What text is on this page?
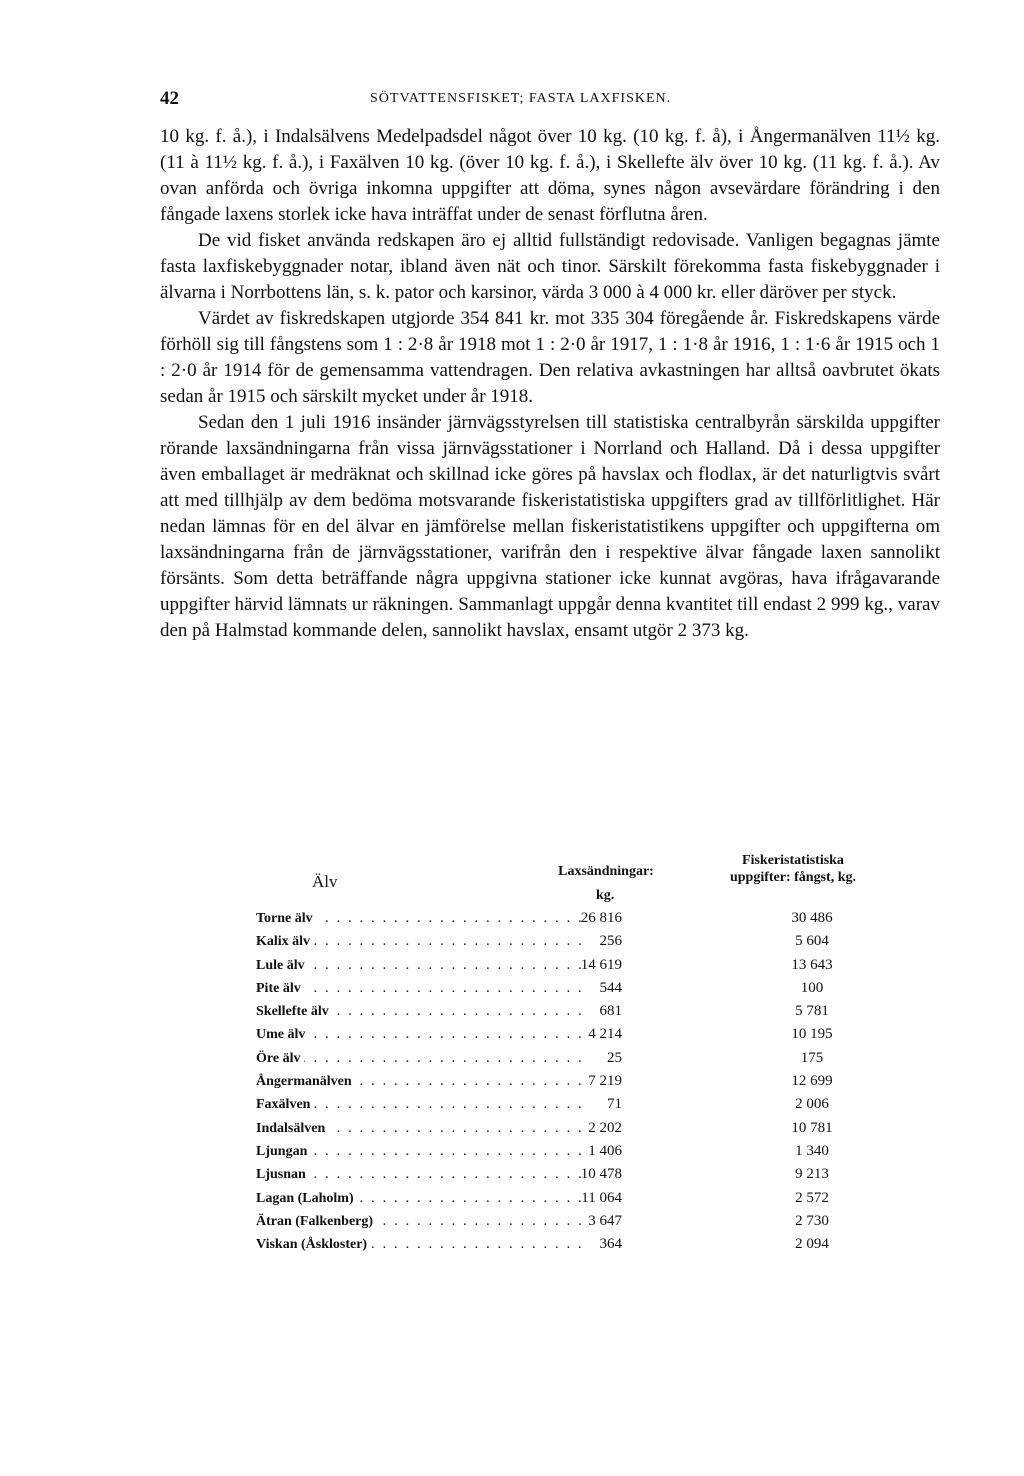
42	SÖTVATTENSFISKET; FASTA LAXFISKEN.

10 kg. f. å.), i Indalsälvens Medelpadsdel något över 10 kg. (10 kg. f. å), i Ångermanälven 11½ kg. (11 à 11½ kg. f. å.), i Faxälven 10 kg. (över 10 kg. f. å.), i Skellefte älv över 10 kg. (11 kg. f. å.). Av ovan anförda och övriga inkomna uppgifter att döma, synes någon avsevärdare förändring i den fångade laxens storlek icke hava inträffat under de senast förflutna åren.

De vid fisket använda redskapen äro ej alltid fullständigt redovisade. Vanligen begagnas jämte fasta laxfiskebyggnader notar, ibland även nät och tinor. Särskilt förekomma fasta fiskebyggnader i älvarna i Norrbottens län, s. k. pator och karsinor, värda 3 000 à 4 000 kr. eller däröver per styck.

Värdet av fiskredskapen utgjorde 354 841 kr. mot 335 304 föregående år. Fiskredskapens värde förhöll sig till fångstens som 1 : 2·8 år 1918 mot 1 : 2·0 år 1917, 1 : 1·8 år 1916, 1 : 1·6 år 1915 och 1 : 2·0 år 1914 för de gemensamma vattendragen. Den relativa avkastningen har alltså oavbrutet ökats sedan år 1915 och särskilt mycket under år 1918.

Sedan den 1 juli 1916 insänder järnvägsstyrelsen till statistiska centralbyrån särskilda uppgifter rörande laxsändningarna från vissa järnvägsstationer i Norrland och Halland. Då i dessa uppgifter även emballaget är medräknat och skillnad icke göres på havslax och flodlax, är det naturligtvis svårt att med tillhjälp av dem bedöma motsvarande fiskeristatistiska uppgifters grad av tillförlitlighet. Här nedan lämnas för en del älvar en jämförelse mellan fiskeristatistikens uppgifter och uppgifterna om laxsändningarna från de järnvägsstationer, varifrån den i respektive älvar fångade laxen sannolikt försänts. Som detta beträffande några uppgivna stationer icke kunnat avgöras, hava ifrågavarande uppgifter härvid lämnats ur räkningen. Sammanlagt uppgår denna kvantitet till endast 2 999 kg., varav den på Halmstad kommande delen, sannolikt havslax, ensamt utgör 2 373 kg.

Älv
Laxsändningar:
kg.
Fiskeristatistiska uppgifter: fångst, kg.
Torne älv . . .	26 816	30 486
Kalix älv . . .	256	5 604
Lule älv . . .	14 619	13 643
Pite älv . . .	544	100
Skellefte älv . . .	681	5 781
Ume älv . . .	4 214	10 195
Öre älv . . .	25	175
Ångermanälven . . .	7 219	12 699
Faxälven . . .	71	2 006
Indalsälven . . .	2 202	10 781
Ljungan . . .	1 406	1 340
Ljusnan . . .	10 478	9 213
Lagan (Laholm) . . .	11 064	2 572
Ätran (Falkenberg) . . .	3 647	2 730
Viskan (Åskloster) . . .	364	2 094
